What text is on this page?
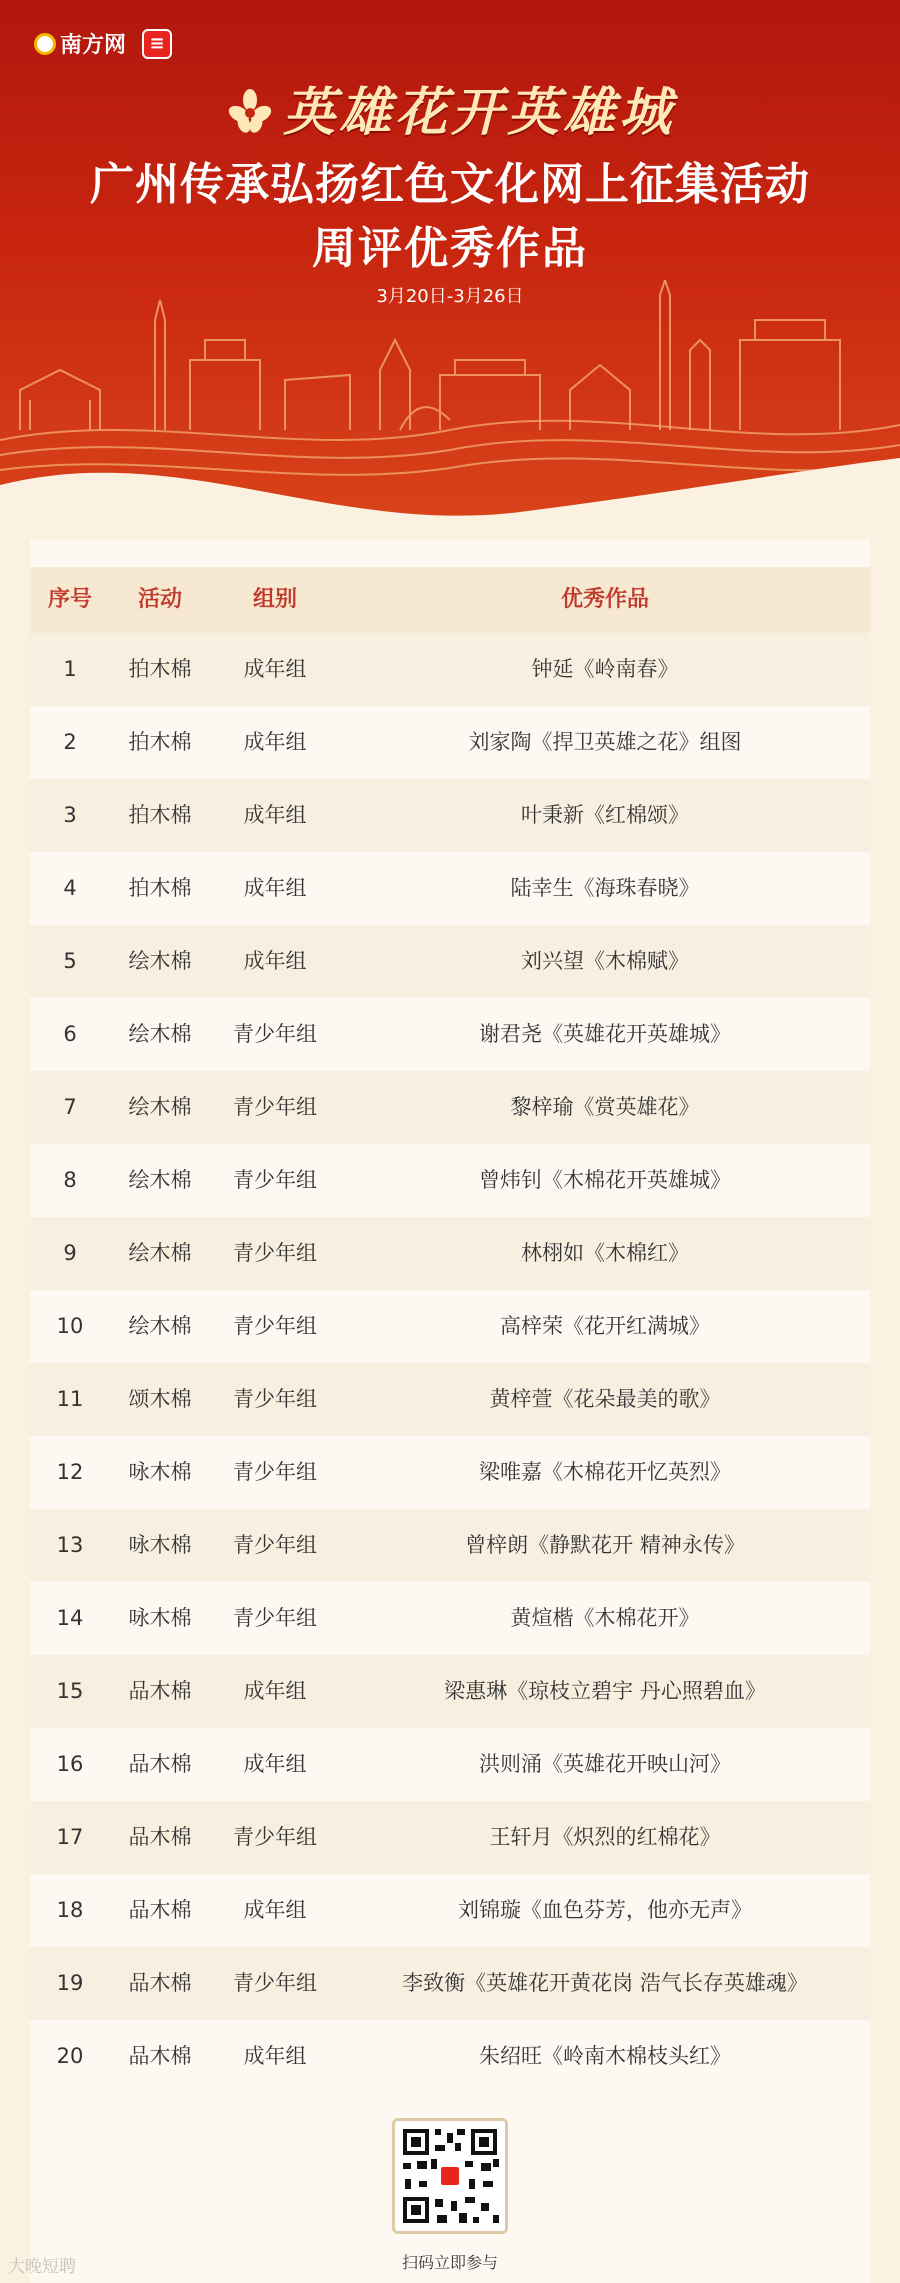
南方网 ≡
英雄花开英雄城
广州传承弘扬红色文化网上征集活动
周评优秀作品
3月20日-3月26日
序号	活动	组别	优秀作品
1	拍木棉	成年组	钟延《岭南春》
2	拍木棉	成年组	刘家陶《捍卫英雄之花》组图
3	拍木棉	成年组	叶秉新《红棉颂》
4	拍木棉	成年组	陆幸生《海珠春晓》
5	绘木棉	成年组	刘兴望《木棉赋》
6	绘木棉	青少年组	谢君尧《英雄花开英雄城》
7	绘木棉	青少年组	黎梓瑜《赏英雄花》
8	绘木棉	青少年组	曾炜钊《木棉花开英雄城》
9	绘木棉	青少年组	林栩如《木棉红》
10	绘木棉	青少年组	高梓荣《花开红满城》
11	颂木棉	青少年组	黄梓萱《花朵最美的歌》
12	咏木棉	青少年组	梁唯嘉《木棉花开忆英烈》
13	咏木棉	青少年组	曾梓朗《静默花开 精神永传》
14	咏木棉	青少年组	黄煊楷《木棉花开》
15	品木棉	成年组	梁惠琳《琼枝立碧宇 丹心照碧血》
16	品木棉	成年组	洪则涌《英雄花开映山河》
17	品木棉	青少年组	王轩月《炽烈的红棉花》
18	品木棉	成年组	刘锦璇《血色芬芳，他亦无声》
19	品木棉	青少年组	李致衡《英雄花开黄花岗 浩气长存英雄魂》
20	品木棉	成年组	朱绍旺《岭南木棉枝头红》
扫码立即参与
大晚短聘
